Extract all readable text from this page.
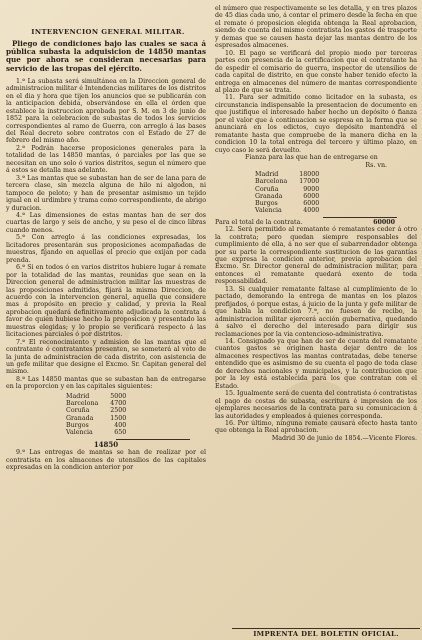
INTERVENCION GENERAL MILITAR.

Pliego de condiciones bajo las cuales se saca á pública subasta la adquisicion de 14850 mantas que por ahora se consideran necesarias para servicio de las tropas del ejército.

1.ª La subasta será simultánea en la Direccion general de administracion militar é Intendencias militares de los distritos en el dia y hora que tijen los anuncios que se publicarán con la anticipacion debida, observándose en ella el órden que establece la instruccion aprobada por S. M. en 3 de junio de 1852 para la celebracion de subastas de todos los servicios correspondientes al ramo de Guerra, con arreglo á las bases del Real decreto sobre contratos con el Estado de 27 de febrero del mismo año.

2.ª Podrán hacerse proposiciones generales para la totalidad de las 14850 mantas, ó parciales por las que se necesitan en uno solo ó varios distritos, segun el número que á estos se detalla mas adelante.

3.ª Las mantas que se subastan han de ser de lana para de tercera clase, sin mezcla alguna de hilo ni algodon, ni tampoco de peloto; y han de presentar asimismo un tejido igual en el urdimbre y trama como correspondiente, de abrigo y duracion.

4.ª Las dimensiones de estas mantas han de ser dos cuartas de largo y seis de ancho, y su peso el de cinco libras cuando menos.

5.ª Con arreglo á las condiciones expresadas, los licitadores presentarán sus proposiciones acompañadas de muestras, fijando en aquellas el precio que exijan por cada prenda.

6.ª Si en todos ó en varios distritos hubiere lugar á remate por la totalidad de las mantas, reunidas que sean en la Direccion general de administracion militar las muestras de las proposiciones admitidas, fijará la misma Direccion, de acuerdo con la intervencion general, aquella que considere mas á propósito en precio y calidad, y previa la Real aprobacion quedará definitivamente adjudicada la contrata á favor de quien hubiese hecho la proposicion y presentado las muestras elegidas; y lo propio se verificará respecto á las licitaciones parciales ó por distritos.

7.ª El reconocimiento y admision de las mantas que el contratante ó contratantes presenten, se someterá al voto de la junta de administracion de cada distrito, con asistencia de un gefe militar que designe el Excmo. Sr. Capitan general del mismo.

8.ª Las 14850 mantas que se subastan han de entregarse en la proporcion y en las capitales siguientes:

Madrid	5000
Barcelona	4700
Coruña	2500
Granada	1500
Burgos	400
Valencia	650
14850

9.ª Las entregas de mantas se han de realizar por el contratista en los almacenes de utensilios de las capitales expresadas en la condicion anterior por

el número que respectivamente se les detalla, y en tres plazos de 45 dias cada uno, á contar el primero desde la fecha en que el remate ó proposicion elegida obtenga la Real aprobacion, siendo de cuenta del mismo contratista los gastos de trasporte y demas que se causen hasta dejar las mantas dentro de los espresados almacenes.

10. El pago se verificará del propio modo por terceras partes con presencia de la certificacion que el contratante ha de espedir el comisario de guerra, inspector de utensilios de cada capital de distrito, en que conste haber tenido efecto la entrega en almacenes del número de mantas correspondiente al plazo de que se trata.

11. Para ser admitido como licitador en la subasta, es circunstancia indispensable la presentacion de documento en que justifique el interesado haber hecho un depósito ó fianza por el valor que á continuacion se espresa en la forma que se anunciará en los edictos, cuyo depósito mantendrá el rematante hasta que compruebe de la manera dicha en la condicion 10 la total entrega del tercero y último plazo, en cuyo caso le será devuelto.

Fianza para las que han de entregarse en

Rs. vn.
Madrid	18000
Barcelona	17000
Coruña	9000
Granada	6000
Burgos	6000
Valencia	4000
Para el total de la contrata.	60000

12. Será permitido al rematante ó rematantes ceder á otro la contrata; pero quedan siempre responsables del cumplimiento de ella, á no ser que el subarrendador obtenga por su parte la correspondiente sustitucion de las garantías que expresa la condicion anterior, previa aprobacion del Excmo. Sr. Director general de administracion militar, para entonces el rematante quedará exento de toda responsabilidad.

13. Si cualquier rematante faltase al cumplimiento de lo pactado, demorando la entrega de mantas en los plazos prefijados, ó porque estas, á juicio de la junta y gefe militar de que habla la condicion 7.ª, no fuesen de recibo, la administracion militar ejercerá acción gubernativa, quedando á salvo el derecho del interesado para dirigir sus reclamaciones por la via contencioso-administrativa.

14. Consignado ya que han de ser de cuenta del rematante cuantos gastos se originen hasta dejar dentro de los almacenes respectivos las mantas contratadas, debe tenerse entendido que es asimismo de su cuenta el pago de toda clase de derechos nacionales y municipales, y la contribucion que por la ley está establecida para los que contratan con el Estado.

15. Igualmente será de cuenta del contratista ó contratistas el pago de costas de subasta, escritura é impresion de los ejemplares necesarios de la contrata para su comunicacion á las autoridades y empleados á quienes corresponda.

16. Por último, ninguna remate causará efecto hasta tanto que obtenga la Real aprobacion.

Madrid 30 de junio de 1854.—Vicente Flores.

IMPRENTA DEL BOLETIN OFICIAL.
